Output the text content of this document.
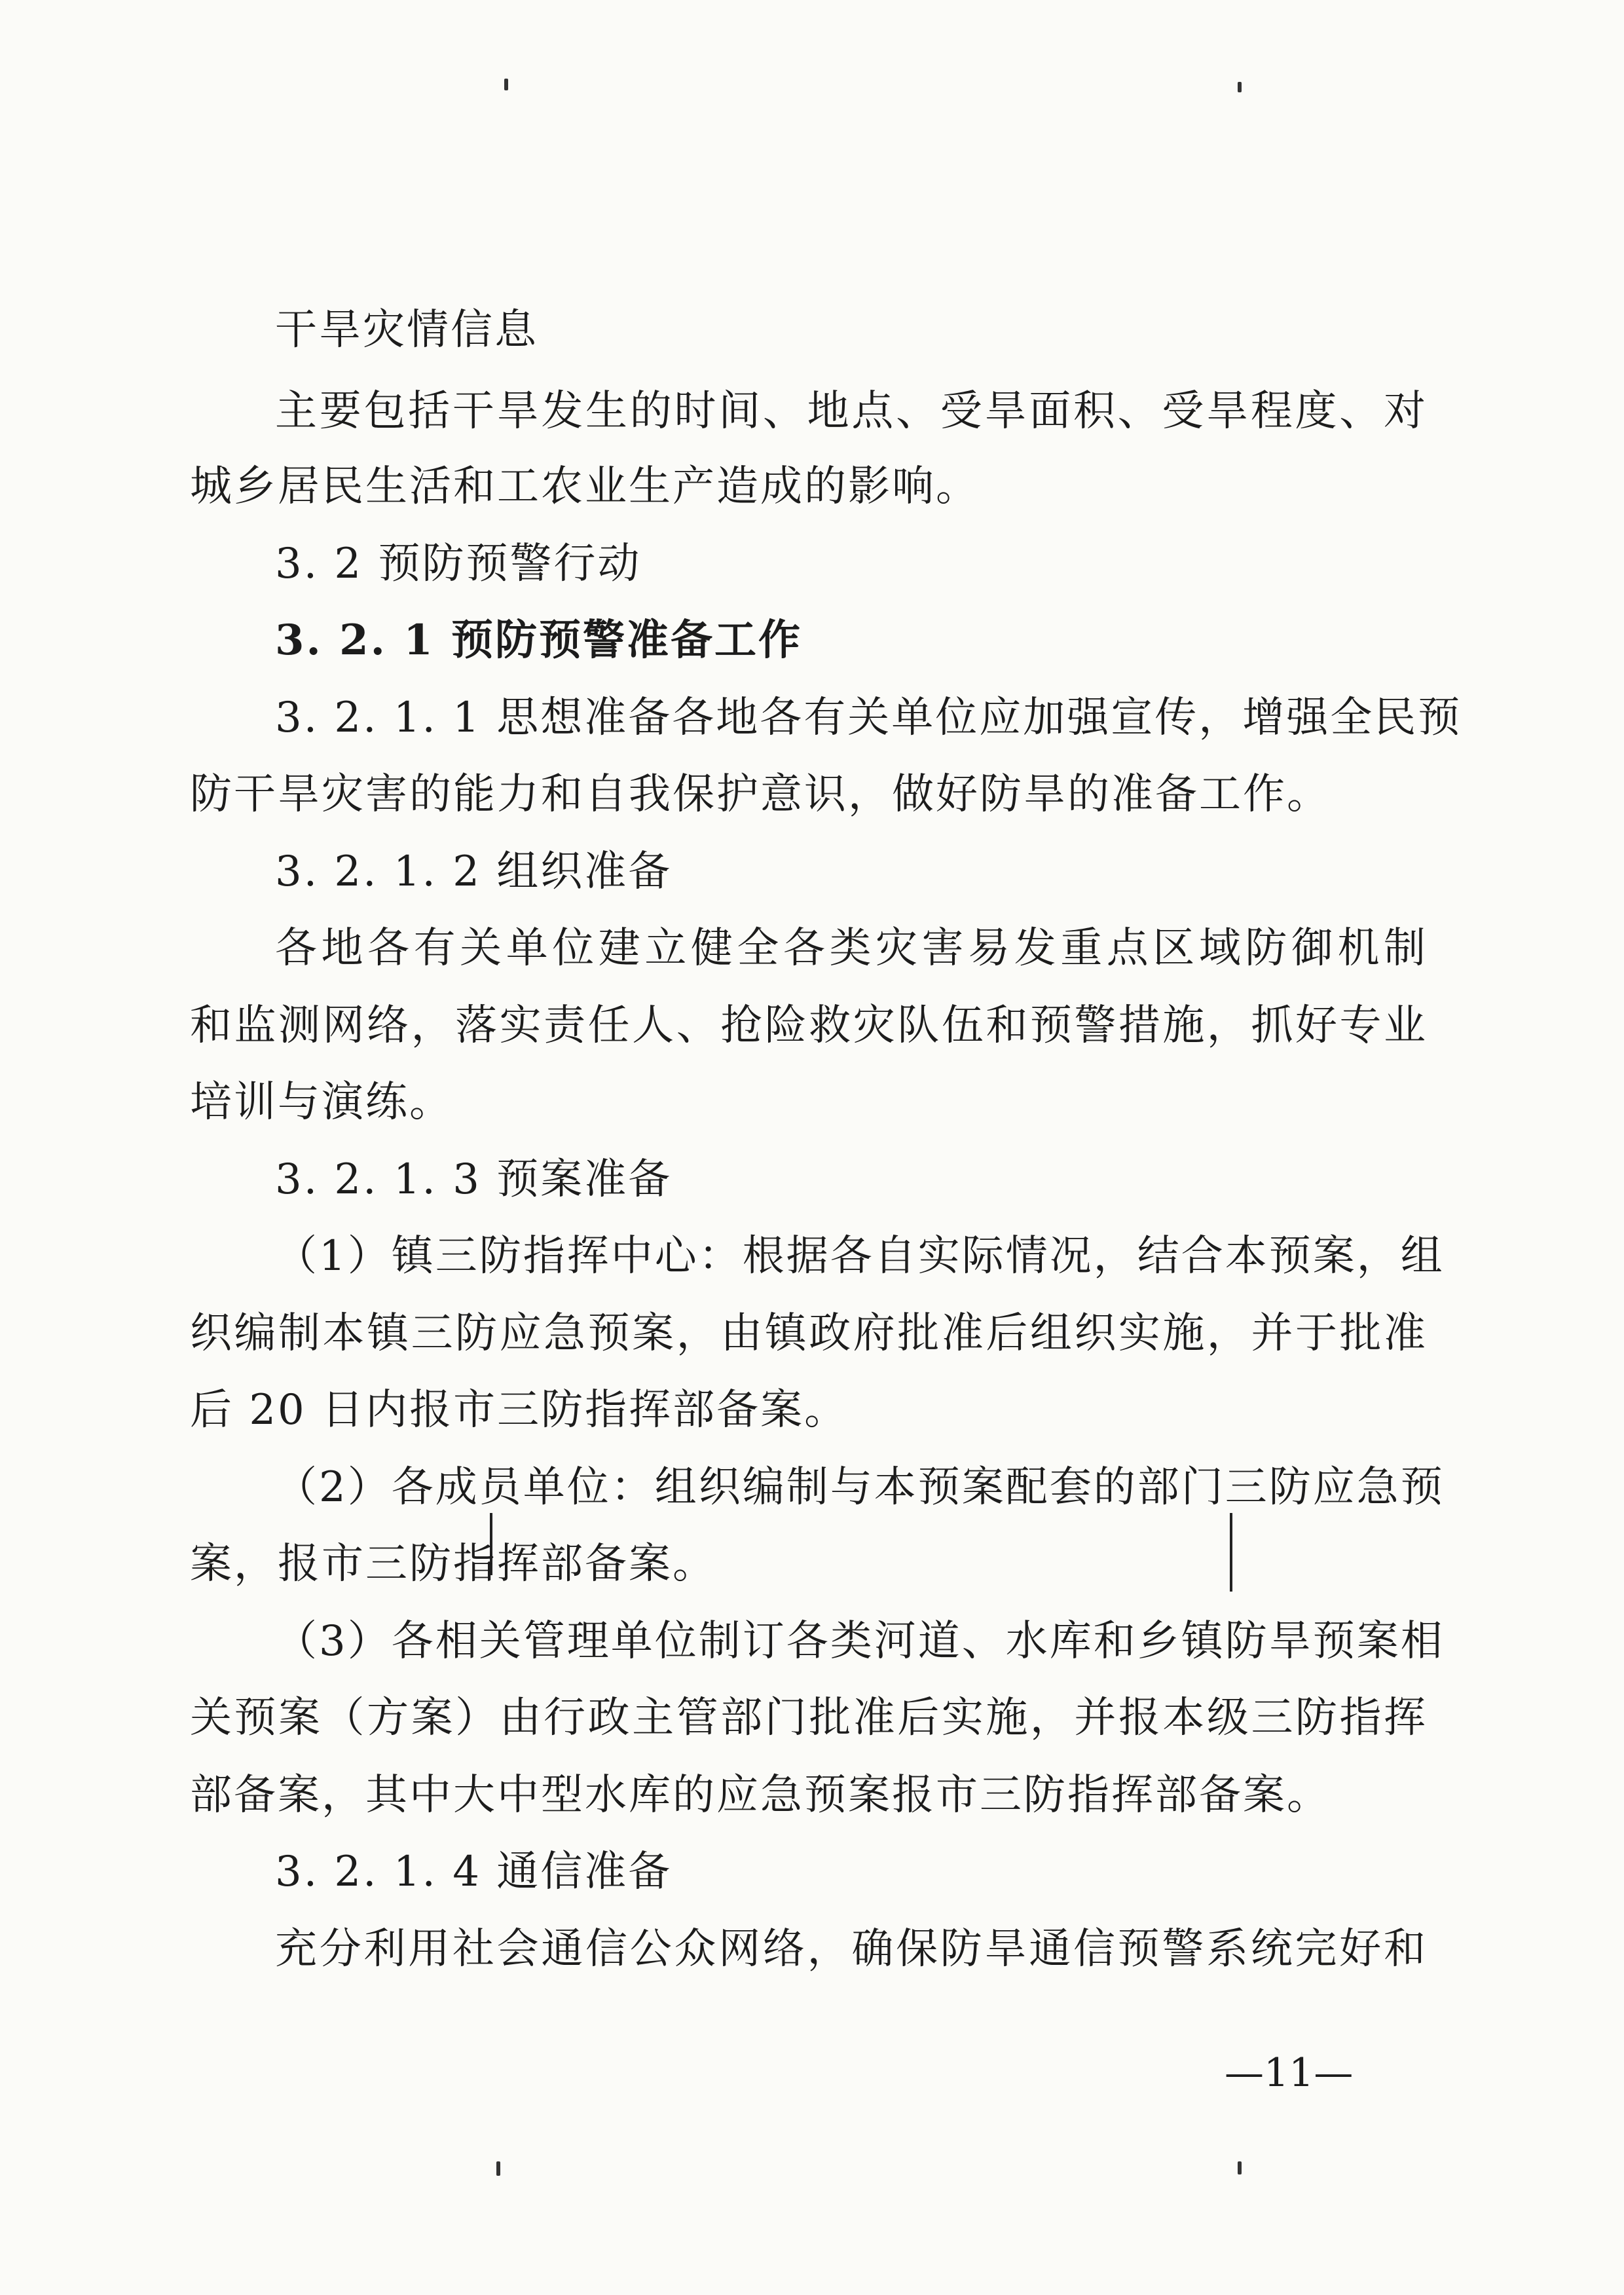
干旱灾情信息
主要包括干旱发生的时间、地点、受旱面积、受旱程度、对
城乡居民生活和工农业生产造成的影响。
3. 2 预防预警行动
3. 2. 1 预防预警准备工作
3. 2. 1. 1 思想准备各地各有关单位应加强宣传，增强全民预
防干旱灾害的能力和自我保护意识，做好防旱的准备工作。
3. 2. 1. 2 组织准备
各地各有关单位建立健全各类灾害易发重点区域防御机制
和监测网络，落实责任人、抢险救灾队伍和预警措施，抓好专业
培训与演练。
3. 2. 1. 3 预案准备
（1）镇三防指挥中心：根据各自实际情况，结合本预案，组
织编制本镇三防应急预案，由镇政府批准后组织实施，并于批准
后 20 日内报市三防指挥部备案。
（2）各成员单位：组织编制与本预案配套的部门三防应急预
案，报市三防指挥部备案。
（3）各相关管理单位制订各类河道、水库和乡镇防旱预案相
关预案（方案）由行政主管部门批准后实施，并报本级三防指挥
部备案，其中大中型水库的应急预案报市三防指挥部备案。
3. 2. 1. 4 通信准备
充分利用社会通信公众网络，确保防旱通信预警系统完好和
—11—
